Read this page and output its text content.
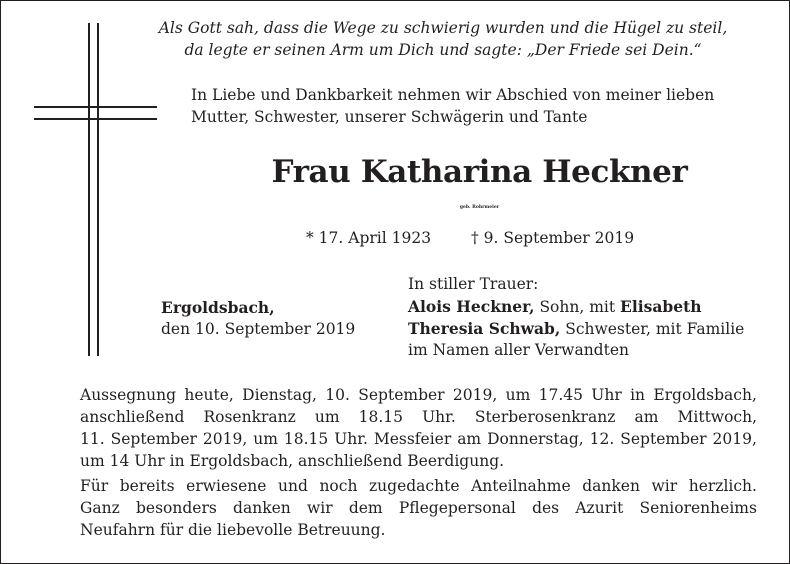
Als Gott sah, dass die Wege zu schwierig wurden und die Hügel zu steil,
da legte er seinen Arm um Dich und sagte: „Der Friede sei Dein.“
In Liebe und Dankbarkeit nehmen wir Abschied von meiner lieben
Mutter, Schwester, unserer Schwägerin und Tante
Frau Katharina Heckner
geb. Rohrmeier
* 17. April 1923	† 9. September 2019
Ergoldsbach,
den 10. September 2019
In stiller Trauer:
Alois Heckner, Sohn, mit Elisabeth
Theresia Schwab, Schwester, mit Familie
im Namen aller Verwandten
Aussegnung heute, Dienstag, 10. September 2019, um 17.45 Uhr in Ergoldsbach,
anschließend Rosenkranz um 18.15 Uhr. Sterberosenkranz am Mittwoch,
11. September 2019, um 18.15 Uhr. Messfeier am Donnerstag, 12. September 2019,
um 14 Uhr in Ergoldsbach, anschließend Beerdigung.
Für bereits erwiesene und noch zugedachte Anteilnahme danken wir herzlich.
Ganz besonders danken wir dem Pflegepersonal des Azurit Seniorenheims
Neufahrn für die liebevolle Betreuung.
